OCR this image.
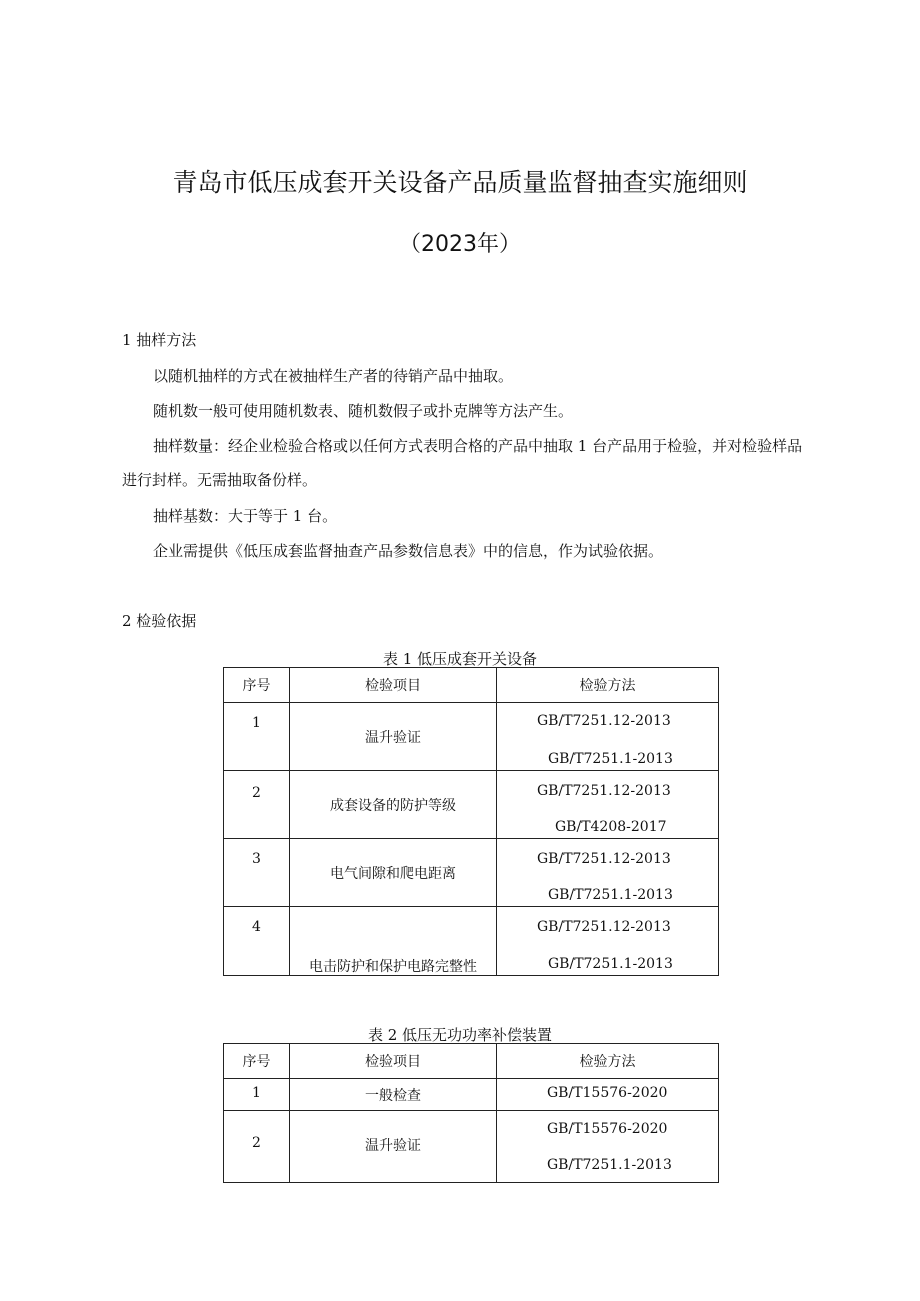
青岛市低压成套开关设备产品质量监督抽查实施细则
（2023年）
1 抽样方法
以随机抽样的方式在被抽样生产者的待销产品中抽取。
随机数一般可使用随机数表、随机数假子或扑克牌等方法产生。
抽样数量：经企业检验合格或以任何方式表明合格的产品中抽取 1 台产品用于检验，并对检验样品
进行封样。无需抽取备份样。
抽样基数：大于等于 1 台。
企业需提供《低压成套监督抽查产品参数信息表》中的信息，作为试验依据。
2 检验依据
表 1 低压成套开关设备
序号	检验项目	检验方法

1	温升验证	GB/T7251.12-2013
GB/T7251.1-2013

2	成套设备的防护等级	GB/T7251.12-2013
GB/T4208-2017

3	电气间隙和爬电距离	GB/T7251.12-2013
GB/T7251.1-2013

4	电击防护和保护电路完整性	GB/T7251.12-2013
GB/T7251.1-2013
表 2 低压无功功率补偿装置
序号	检验项目	检验方法

1	一般检查	GB/T15576-2020

2	温升验证	GB/T15576-2020
GB/T7251.1-2013
